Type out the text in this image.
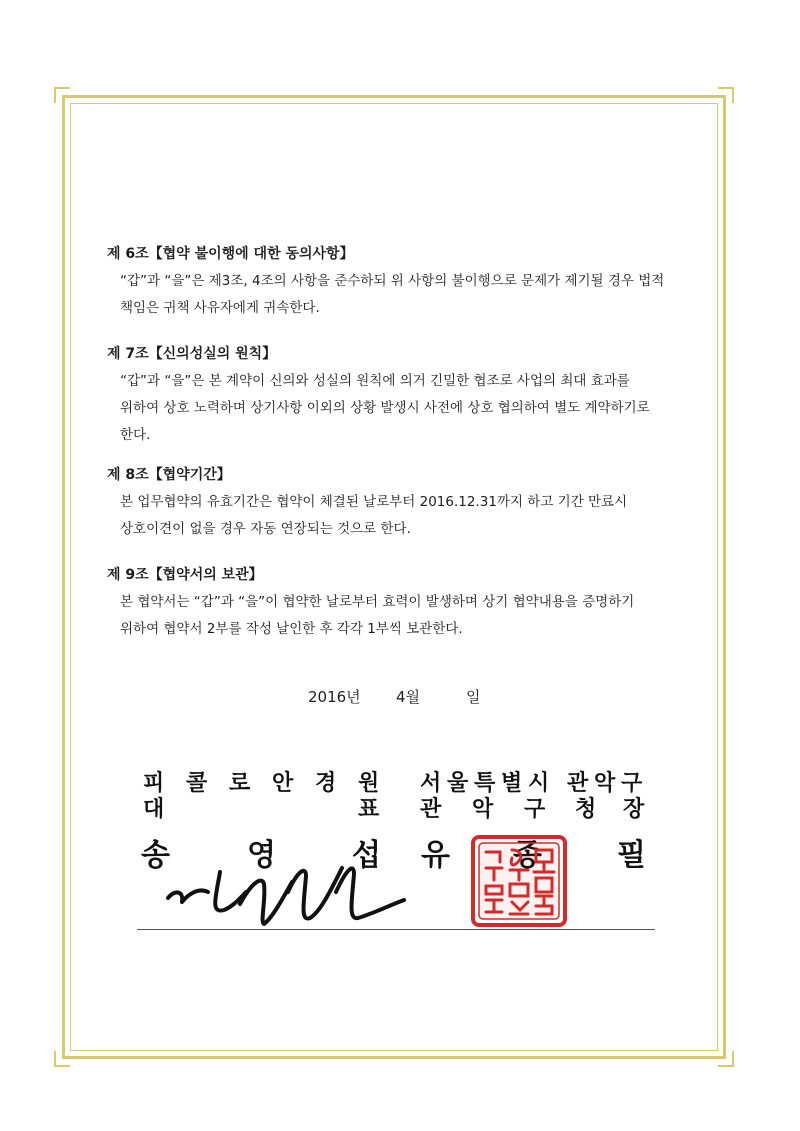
제 6조【협약 불이행에 대한 동의사항】

“갑”과 “을”은 제3조, 4조의 사항을 준수하되 위 사항의 불이행으로 문제가 제기될 경우 법적

책임은 귀책 사유자에게 귀속한다.

제 7조【신의성실의 원칙】

“갑”과 “을”은 본 계약이 신의와 성실의 원칙에 의거 긴밀한 협조로 사업의 최대 효과를

위하여 상호 노력하며 상기사항 이외의 상황 발생시 사전에 상호 협의하여 별도 계약하기로

한다.

제 8조【협약기간】

본 업무협약의 유효기간은 협약이 체결된 날로부터 2016.12.31까지 하고 기간 만료시

상호이견이 없을 경우 자동 연장되는 것으로 한다.

제 9조【협약서의 보관】

본 협약서는 “갑”과 “을”이 협약한 날로부터 효력이 발생하며 상기 협약내용을 증명하기

위하여 협약서 2부를 작성 날인한 후 각각 1부씩 보관한다.

2016년 4월	일
피 콜 로 안 경 원
대	표
송	영	섭
서 울 특 별 시 관 악 구
관 악 구 청 장
유	필
